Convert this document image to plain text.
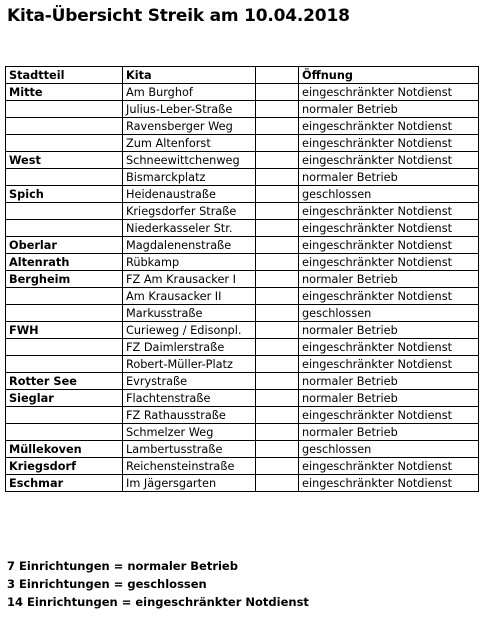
Kita-Übersicht Streik am 10.04.2018
Stadtteil	Kita		Öffnung
Mitte	Am Burghof		eingeschränkter Notdienst
	Julius-Leber-Straße		normaler Betrieb
	Ravensberger Weg		eingeschränkter Notdienst
	Zum Altenforst		eingeschränkter Notdienst
West	Schneewittchenweg		eingeschränkter Notdienst
	Bismarckplatz		normaler Betrieb
Spich	Heidenaustraße		geschlossen
	Kriegsdorfer Straße		eingeschränkter Notdienst
	Niederkasseler Str.		eingeschränkter Notdienst
Oberlar	Magdalenenstraße		eingeschränkter Notdienst
Altenrath	Rübkamp		eingeschränkter Notdienst
Bergheim	FZ Am Krausacker I		normaler Betrieb
	Am Krausacker II		eingeschränkter Notdienst
	Markusstraße		geschlossen
FWH	Curieweg / Edisonpl.		normaler Betrieb
	FZ Daimlerstraße		eingeschränkter Notdienst
	Robert-Müller-Platz		eingeschränkter Notdienst
Rotter See	Evrystraße		normaler Betrieb
Sieglar	Flachtenstraße		normaler Betrieb
	FZ Rathausstraße		eingeschränkter Notdienst
	Schmelzer Weg		normaler Betrieb
Müllekoven	Lambertusstraße		geschlossen
Kriegsdorf	Reichensteinstraße		eingeschränkter Notdienst
Eschmar	Im Jägersgarten		eingeschränkter Notdienst
7 Einrichtungen = normaler Betrieb
3 Einrichtungen = geschlossen
14 Einrichtungen = eingeschränkter Notdienst
